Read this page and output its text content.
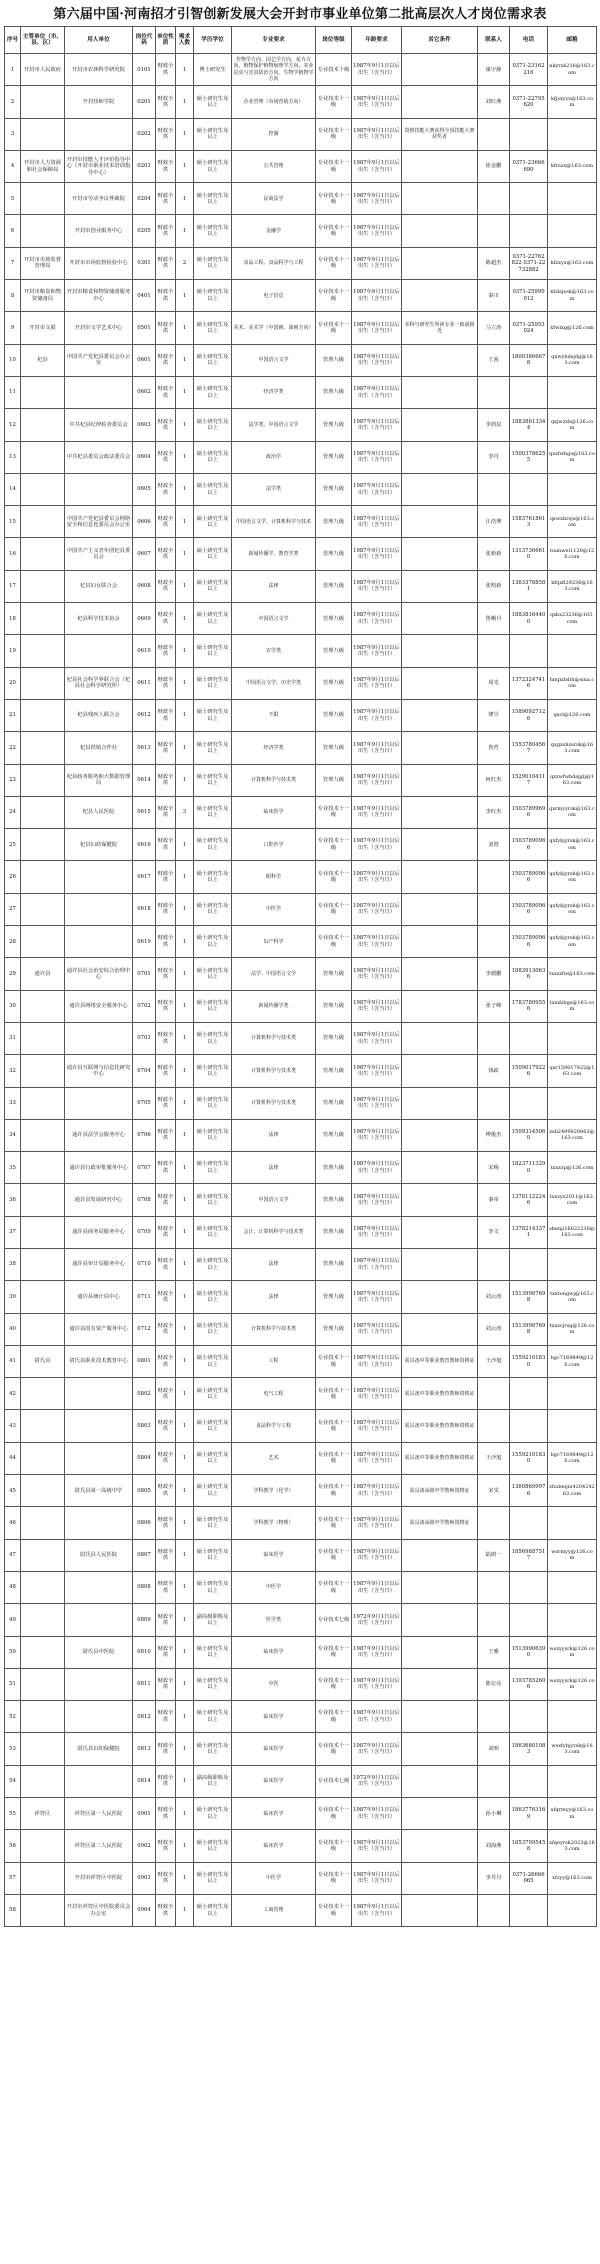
第六届中国·河南招才引智创新发展大会开封市事业单位第二批高层次人才岗位需求表
序号	主管单位（市、县、区）	用人单位	岗位代码	单位性质	需求人数	学历学位	专业要求	岗位等级	年龄要求	其它条件	联系人	电话	邮箱
1	开封市人民政府	开封市农林科学研究院	0101	财政全供	1	博士研究生	作物学方向、园艺学方向、花卉方向、植物保护植物病理学方向、农业昆虫与害虫防治方向、生物学植物学方向	专业技术十级	1987年9月1日以后出生（含当日）		康宇静	0371-23162216	nkyrsk216@163.com
2		开封技师学院	0201	财政全供	1	硕士研究生及以上	企业管理（市场营销方向）	专业技术十一级	1987年9月1日以后出生（含当日）		刘红燕	0371-22795620	kfjsxyyz@163.com
3			0202	财政全供	1	硕士研究生及以上	控制	专业技术十一级	1987年9月1日以后出生（含当日）	资格技能大赛获得全国技能大赛获奖者			
4	开封市人力资源和社会保障局	开封市技能人才评价指导中心（开封市职业技术培训指导中心）	0203	财政全供	1	硕士研究生及以上	公共管理	专业技术十一级	1987年9月1日以后出生（含当日）		徐金鹏	0371-23666690	kfrszx@163.com
5		开封市劳动争议仲裁院	0204	财政全供	1	硕士研究生及以上	民商法学	专业技术十一级	1987年9月1日以后出生（含当日）				
6		开封市创业服务中心	0205	财政全供	1	硕士研究生及以上	金融学	专业技术十一级	1987年9月1日以后出生（含当日）				
7	开封市市场监督管理局	开封市市场监督检验中心	0301	财政全供	2	硕士研究生及以上	食品工程、食品科学与工程	专业技术十一级	1987年9月1日以后出生（含当日）		陈超杰	0371-22762822 0371-22732882	kfzxyx@163.com
8	开封市粮食和物资储备局	开封市粮食和物资储备服务中心	0401	财政全供	1	硕士研究生及以上	电子信息	专业技术十一级	1987年9月1日以后出生（含当日）		秦川	0371-25990012	kfslsjxsk@163.com
9	开封市文联	开封市文学艺术中心	0501	财政全供	1	硕士研究生及以上	美术、美术学（中国画、油画方向）	专业技术十一级	1987年9月1日以后出生（含当日）	本科与研究生所读专业一致或相近	马立涛	0371-25953024	kfwlxg@126.com
10	杞县	中国共产党杞县委员会办公室	0601	财政全供	1	硕士研究生及以上	中国语言文学	管理九级	1987年9月1日以后出生（含当日）		王茜	18003866678	qxwybdsjdg@163.com
11			0602	财政全供	1	硕士研究生及以上	经济学类	管理九级	1987年9月1日以后出生（含当日）				
12		中共杞县纪律检查委员会	0603	财政全供	1	硕士研究生及以上	法学类、中国语言文学	管理九级	1987年9月1日以后出生（含当日）		李鸿辰	18838613344	qxjwzzb@126.com
13		中共杞县委员会政法委员会	0604	财政全供	1	硕士研究生及以上	政治学	管理九级	1987年9月1日以后出生（含当日）		李丹	15003786255	qxzfwbgs@163.com
14			0605	财政全供	1	硕士研究生及以上	法学类	管理九级	1987年9月1日以后出生（含当日）				
15		中国共产党杞县委员会网络安全和信息化委员会办公室	0606	财政全供	1	硕士研究生及以上	中国语言文学、计算机科学与技术	管理九级	1987年9月1日以后出生（含当日）		汪浩博	15837618613	qxwxbrsjs@163.com
16		中国共产主义青年团杞县委员会	0607	财政全供	1	硕士研究生及以上	新闻传播学、教育学类	管理九级	1987年9月1日以后出生（含当日）		张新新	13137366610	tuanwei1120@126.com
17		杞县妇女联合会	0608	财政全供	1	硕士研究生及以上	法律	管理九级	1987年9月1日以后出生（含当日）		张明新	13633788581	kfqxfl29236@163.com
18		杞县科学技术协会	0609	财政全供	1	硕士研究生及以上	中国语言文学	管理九级	1987年9月1日以后出生（含当日）		鲁峨丹	18838164400	qxkx23236@163.com
19			0610	财政全供	1	硕士研究生及以上	农学类	管理九级	1987年9月1日以后出生（含当日）				
20		杞县社会科学界联合会（杞县社会科学研究所）	0611	财政全供	1	硕士研究生及以上	中国语言文学、历史学类	管理九级	1987年9月1日以后出生（含当日）		周光	13723247416	hnqxdsbh@sina.com
21		杞县残疾人联合会	0612	财政全供	1	硕士研究生及以上	不限	管理九级	1987年9月1日以后出生（含当日）		薄昱	15890927126	qxcl@126.com
22		杞县供销合作社	0613	财政全供	1	硕士研究生及以上	经济学类	管理九级	1987年9月1日以后出生（含当日）		鲁哲	15537804567	qxgxshzsrsk@163.com
23		杞县政务服务和大数据管理局	0614	财政全供	1	硕士研究生及以上	计算机科学与技术类	管理九级	1987年9月1日以后出生（含当日）		何红杰	15290104117	qxzwfwbdsjglj@163.com
24		杞县人民医院	0615	财政全供	3	硕士研究生及以上	临床医学	专业技术十一级	1987年9月1日以后出生（含当日）		李红杰	15037899696	qxrmyyrsk@163.com
25		杞县妇幼保健院	0616	财政全供	1	硕士研究生及以上	口腔医学	专业技术十一级	1987年9月1日以后出生（含当日）		刘澄	15037890966	qxfybjyrsk@163.com
26			0617	财政全供	1	硕士研究生及以上	眼科学	专业技术十一级	1987年9月1日以后出生（含当日）			15037890966	qxfybjyrsk@163.com
27			0618	财政全供	1	硕士研究生及以上	中医学	专业技术十一级	1987年9月1日以后出生（含当日）			15037890966	qxfybjyrsk@163.com
28			0619	财政全供	1	硕士研究生及以上	妇产科学	专业技术十一级	1987年9月1日以后出生（含当日）			15037890966	qxfybjyrsk@163.com
29	通许县	通许县社会治安综合治理中心	0701	财政全供	1	硕士研究生及以上	法学、中国语言文学	管理九级	1987年9月1日以后出生（含当日）		李德鹏	18839130636	txxzzfw@163.com
30		通许县网络安全服务中心	0702	财政全供	1	硕士研究生及以上	新闻传播学类	管理九级	1987年9月1日以后出生（含当日）		张子峰	17837809556	txxxbbgs@163.com
31			0703	财政全供	1	硕士研究生及以上	计算机科学与技术类	管理九级	1987年9月1日以后出生（含当日）				
32		通许县互联网与信息化研究中心	0704	财政全供	1	硕士研究生及以上	计算机科学与技术类	管理九级	1987年9月1日以后出生（含当日）		钱政	15090179226	qsr159017922@163.com
33			0705	财政全供	1	硕士研究生及以上	计算机科学与技术类	管理九级	1987年9月1日以后出生（含当日）				
34		通许县法学会服务中心	0706	财政全供	1	硕士研究生及以上	法律	管理九级	1987年9月1日以后出生（含当日）		傅俊杰	15093145060	zsb2499920863@163.com
35		通许县行政审批服务中心	0707	财政全供	1	硕士研究生及以上	法律	管理九级	1987年9月1日以后出生（含当日）		宋梅	18237113290	txxxsp@126.com
36		通许县发展研究中心	0708	财政全供	1	硕士研究生及以上	中国语言文学	管理九级	1987年9月1日以后出生（含当日）		秦帝	13781122246	txxzyx2011@163.com
37		通许县商务局服务中心	0709	财政全供	1	硕士研究生及以上	会计、计算机科学与技术类	管理九级	1987年9月1日以后出生（含当日）		李文	13782143371	shenji16022236@163.com
38		通许县审计局服务中心	0710	财政全供	1	硕士研究生及以上	法律	管理九级	1987年9月1日以后出生（含当日）				
39		通许县统计局中心	0711	财政全供	1	硕士研究生及以上	法律	管理九级	1987年9月1日以后出生（含当日）		刘云涛	15139987698	txxtongwj@163.com
40		通许县国有资产服务中心	0712	财政全供	1	硕士研究生及以上	计算机科学与技术类	管理九级	1987年9月1日以后出生（含当日）		刘云涛	15139987698	txxzcjrsg@126.com
41	尉氏县	尉氏县职业技术教育中心	0801	财政全供	1	硕士研究生及以上	工程	专业技术十一级	1987年9月1日以后出生（含当日）	需具备中等职业教育教师资格证	王沙旭	15592101830	hgc7169849@126.com
42			0802	财政全供	1	硕士研究生及以上	电气工程	专业技术十一级	1987年9月1日以后出生（含当日）	需具备中等职业教育教师资格证			
43			0803	财政全供	1	硕士研究生及以上	食品科学与工程	专业技术十一级	1987年9月1日以后出生（含当日）	需具备中等职业教育教师资格证			
44			0804	财政全供	1	硕士研究生及以上	艺术	专业技术十一级	1987年9月1日以后出生（含当日）	需具备中等职业教育教师资格证	王沙旭	15592101830	hgc7169849@126.com
45		尉氏县第一高级中学	0805	财政全供	1	硕士研究生及以上	学科教学（化学）	专业技术十一级	1987年9月1日以后出生（含当日）	需具备高级中学教师资格证	宋雯	13608699976	zhubeijin420424263.com
46			0806	财政全供	1	硕士研究生及以上	学科教学（物理）	专业技术十一级	1987年9月1日以后出生（含当日）	需具备高级中学教师资格证			
47		尉氏县人民医院	0807	财政全供	1	硕士研究生及以上	临床医学	专业技术十一级	1987年9月1日以后出生（含当日）		陆树一	18569887517	wsrmyy@126.com
48			0808	财政全供	1	硕士研究生及以上	中医学	专业技术十一级	1987年9月1日以后出生（含当日）				
49			0809	财政全供	1	副高级职称及以上	医学类	专业技术七级	1972年9月1日以后出生（含当日）				
50		尉氏县中医院	0810	财政全供	1	硕士研究生及以上	临床医学	专业技术十一级	1987年9月1日以后出生（含当日）		王雅	15139906390	wszyysrk@126.com
51			0811	财政全供	1	硕士研究生及以上	中医	专业技术十一级	1987年9月1日以后出生（含当日）		陈宏亮	13937852606	wszyysrk@126.com
52			0812	财政全供	1	硕士研究生及以上	临床医学	专业技术十一级	1987年9月1日以后出生（含当日）				
53		尉氏县妇幼保健院	0813	财政全供	1	硕士研究生及以上	临床医学	专业技术十一级	1987年9月1日以后出生（含当日）		刘明	18636801083	wsxfybjyrsk@163.com
54			0814	财政全供	1	副高级职称及以上	临床医学	专业技术七级	1972年9月1日以后出生（含当日）				
55	祥符区	祥符区第一人民医院	0901	财政全供	1	硕士研究生及以上	临床医学	专业技术十一级	1987年9月1日以后出生（含当日）		孙小琳	18637763169	xfqrmyy@163.com
56		祥符区第二人民医院	0902	财政全供	1	硕士研究生及以上	临床医学	专业技术十一级	1987年9月1日以后出生（含当日）		刘海燕	18537995458	xfqeyrsk2023@163.com
57		开封市祥符区中医院	0903	财政全供	1	硕士研究生及以上	中医学	专业技术十一级	1987年9月1日以后出生（含当日）		李丹丹	0371-26666065	xfzyy@163.com
58		开封市祥符区中医院委员会办公室	0904	财政全供	1	硕士研究生及以上	工商管理	专业技术十一级	1987年9月1日以后出生（含当日）				
